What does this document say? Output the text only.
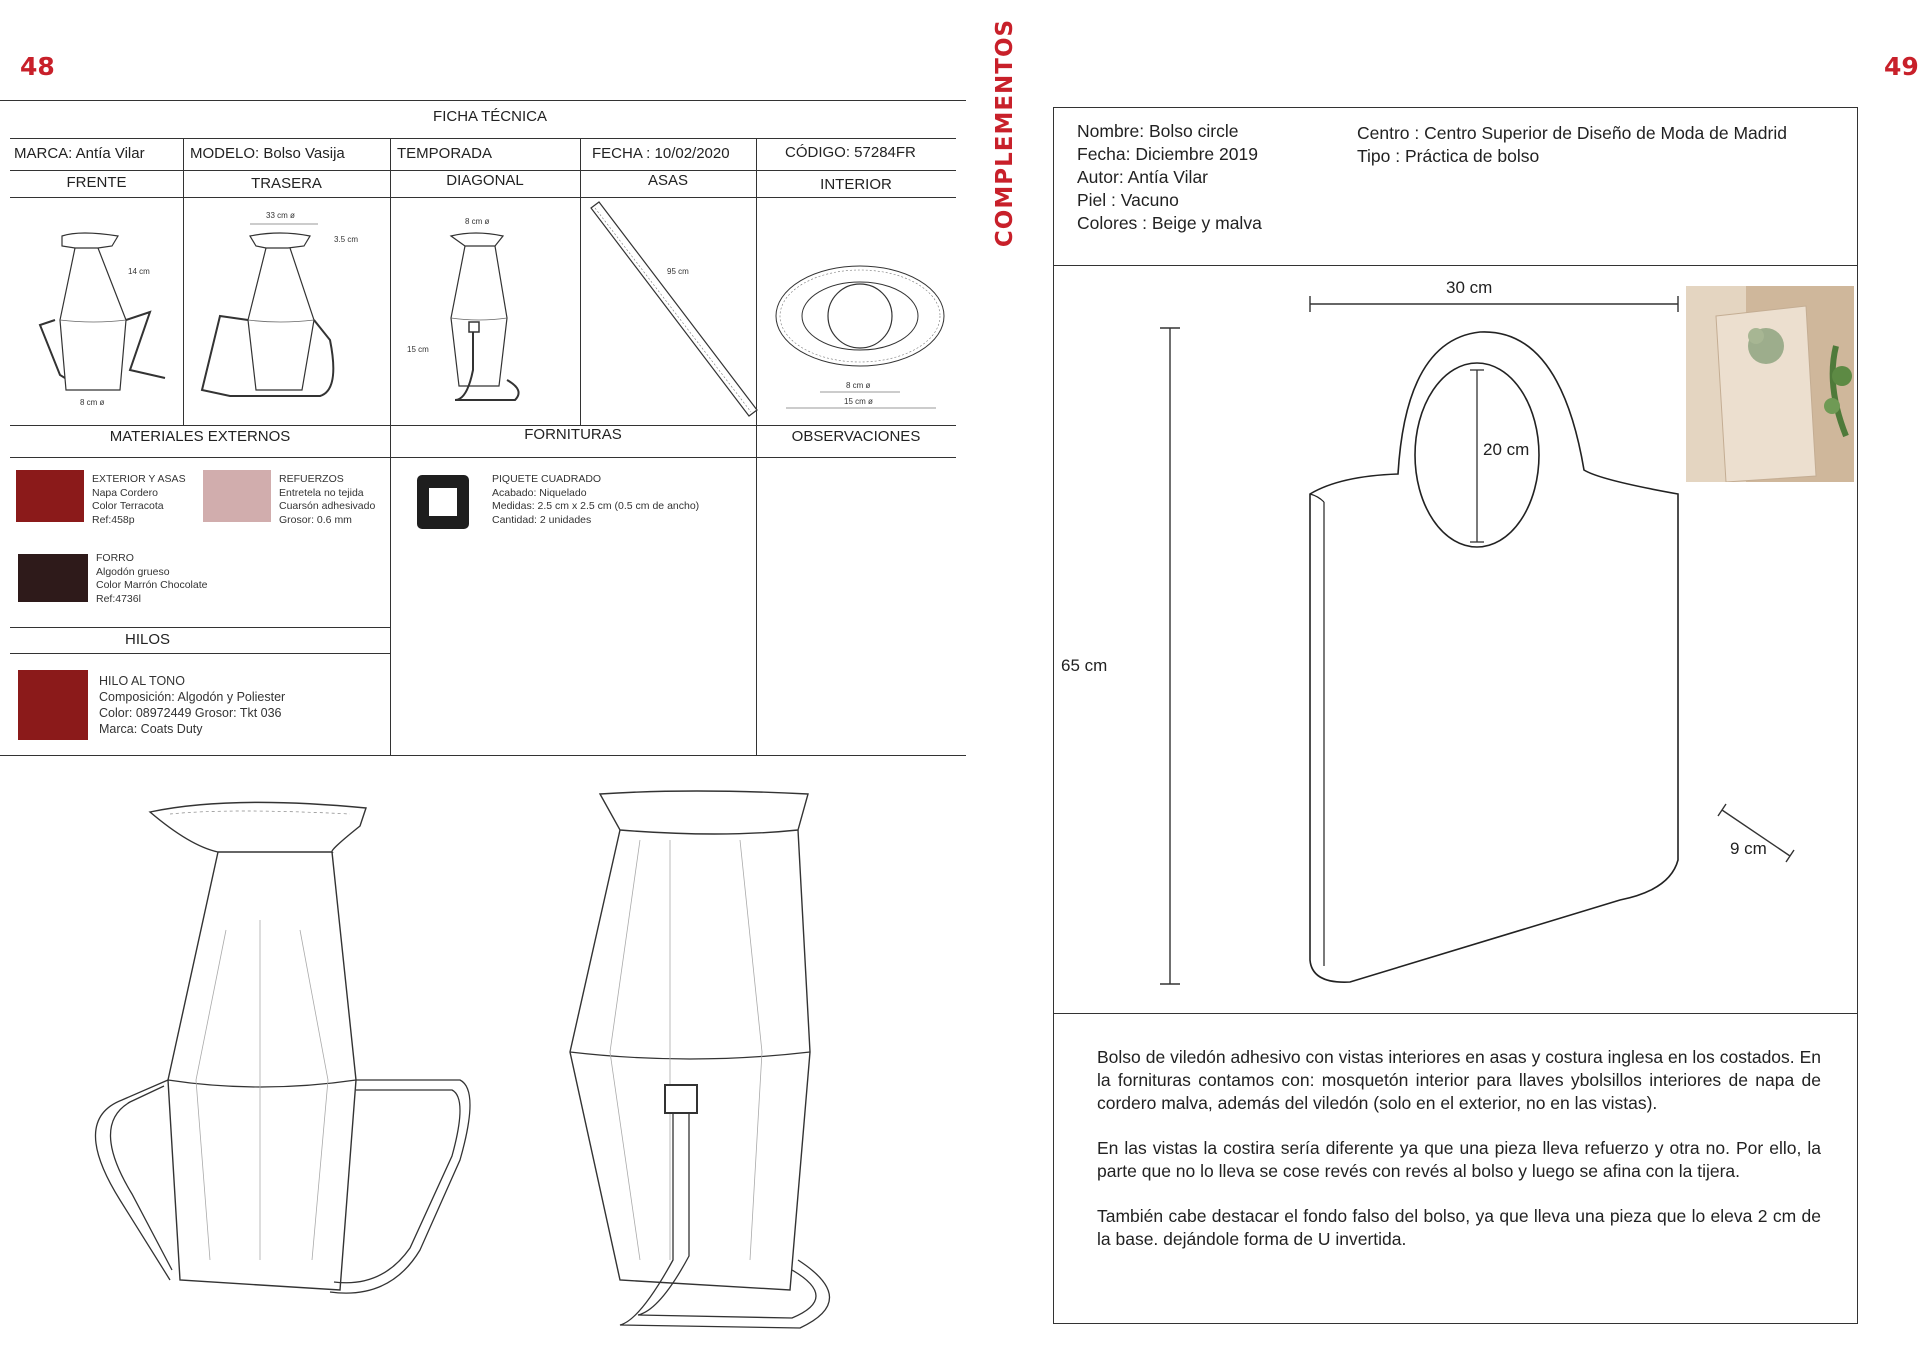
48	49
COMPLEMENTOS
FICHA TÉCNICA
MARCA: Antía Vilar	MODELO: Bolso Vasija	TEMPORADA	FECHA : 10/02/2020	CÓDIGO: 57284FR
FRENTE	TRASERA	DIAGONAL	ASAS	INTERIOR
14 cm
8 cm ø
33 cm ø
3.5 cm
8 cm ø
15 cm
95 cm
8 cm ø
15 cm ø
MATERIALES EXTERNOS	FORNITURAS	OBSERVACIONES
EXTERIOR Y ASAS
Napa Cordero
Color Terracota
Ref:458p
REFUERZOS
Entretela no tejida
Cuarsón adhesivado
Grosor: 0.6 mm
FORRO
Algodón grueso
Color Marrón Chocolate
Ref:4736l
HILOS
HILO AL TONO
Composición: Algodón y Poliester
Color: 08972449 Grosor: Tkt 036
Marca: Coats Duty
PIQUETE CUADRADO
Acabado: Niquelado
Medidas: 2.5 cm x 2.5 cm (0.5 cm de ancho)
Cantidad: 2 unidades
Nombre: Bolso circle
Fecha: Diciembre 2019
Autor: Antía Vilar
Piel : Vacuno
Colores : Beige y malva
Centro : Centro Superior de Diseño de Moda de Madrid
Tipo : Práctica de bolso
30 cm
20 cm
65 cm
9 cm

Bolso de viledón adhesivo con vistas interiores en asas y costura inglesa en los costados. En la fornituras contamos con: mosquetón interior para llaves ybolsillos interiores de napa de cordero malva, además del viledón (solo en el exterior, no en las vistas).

En las vistas la costira sería diferente ya que una pieza lleva refuerzo y otra no. Por ello, la parte que no lo lleva se cose revés con revés al bolso y luego se afina con la tijera.

También cabe destacar el fondo falso del bolso, ya que lleva una pieza que lo eleva 2 cm de la base. dejándole forma de U invertida.
